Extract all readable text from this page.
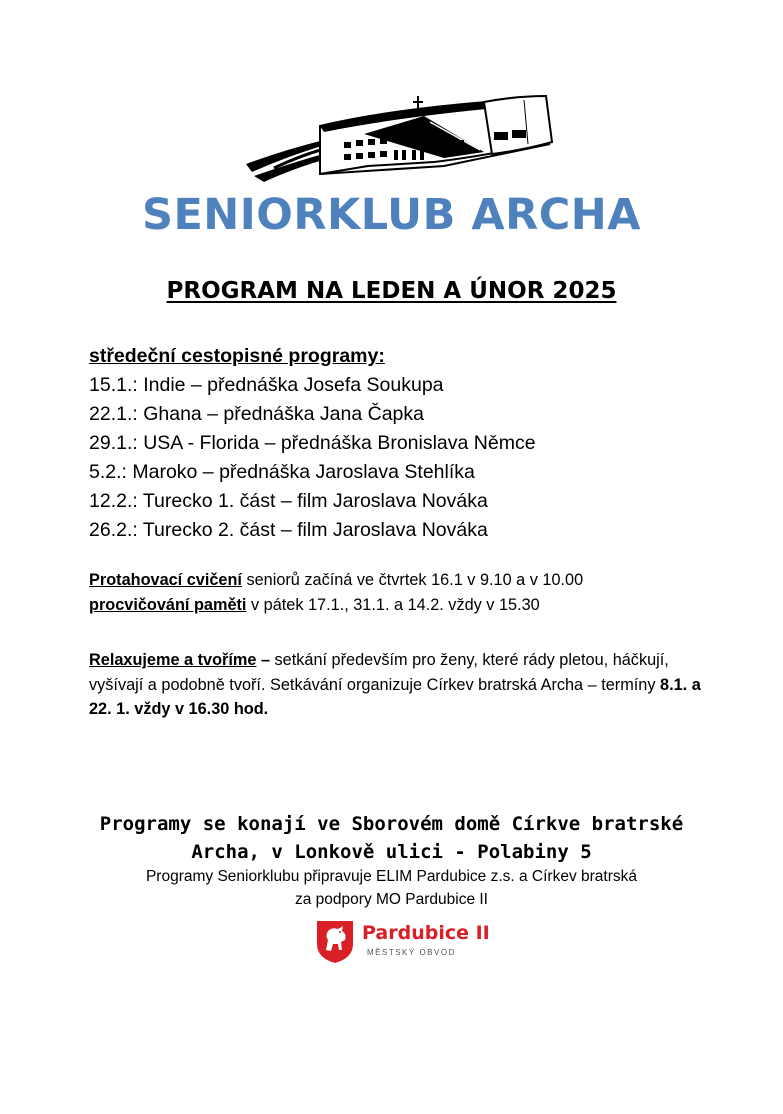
SENIORKLUB ARCHA
PROGRAM NA LEDEN A ÚNOR 2025
středeční cestopisné programy:
15.1.: Indie – přednáška Josefa Soukupa
22.1.: Ghana – přednáška Jana Čapka
29.1.: USA - Florida – přednáška Bronislava Němce
5.2.: Maroko – přednáška Jaroslava Stehlíka
12.2.: Turecko 1. část – film Jaroslava Nováka
26.2.: Turecko 2. část – film Jaroslava Nováka
Protahovací cvičení seniorů začíná ve čtvrtek 16.1 v 9.10 a v 10.00
procvičování paměti v pátek 17.1., 31.1. a 14.2. vždy v 15.30
Relaxujeme a tvoříme – setkání především pro ženy, které rády pletou, háčkují, vyšívají a podobně tvoří. Setkávání organizuje Církev bratrská Archa – termíny 8.1. a 22. 1. vždy v 16.30 hod.
Programy se konají ve Sborovém domě Církve bratrské
Archa, v Lonkově ulici - Polabiny 5
Programy Seniorklubu připravuje ELIM Pardubice z.s. a Církev bratrská
za podpory MO Pardubice II
Pardubice II
MĚSTSKÝ OBVOD
